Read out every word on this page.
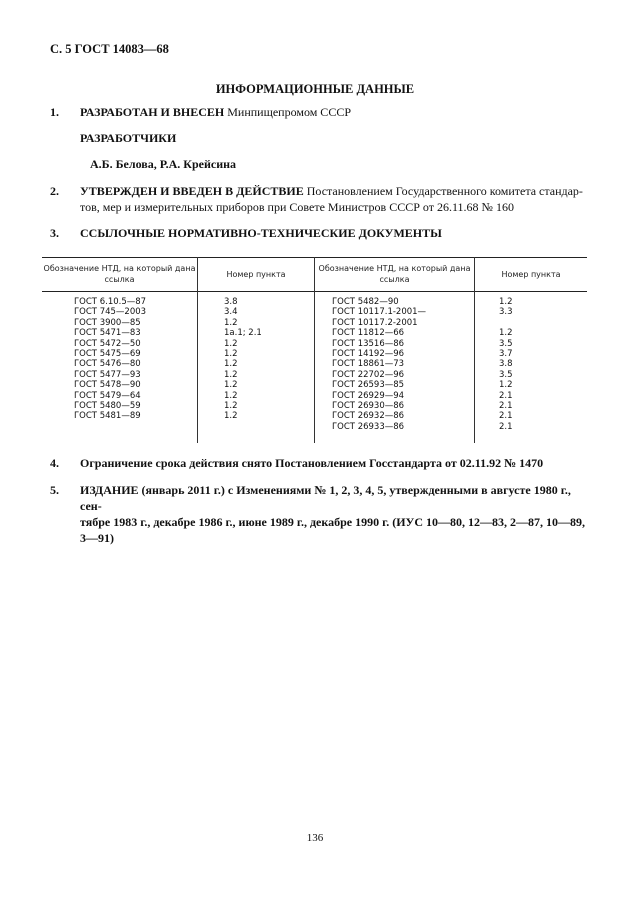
С. 5 ГОСТ 14083—68
ИНФОРМАЦИОННЫЕ ДАННЫЕ
1. РАЗРАБОТАН И ВНЕСЕН Минпищепромом СССР
РАЗРАБОТЧИКИ
А.Б. Белова, Р.А. Крейсина
2. УТВЕРЖДЕН И ВВЕДЕН В ДЕЙСТВИЕ Постановлением Государственного комитета стандар-
тов, мер и измерительных приборов при Совете Министров СССР от 26.11.68 № 160
3. ССЫЛОЧНЫЕ НОРМАТИВНО-ТЕХНИЧЕСКИЕ ДОКУМЕНТЫ
Обозначение НТД, на который дана ссылка
Номер пункта
Обозначение НТД, на который дана ссылка
Номер пункта
ГОСТ 6.10.5—87
ГОСТ 745—2003
ГОСТ 3900—85
ГОСТ 5471—83
ГОСТ 5472—50
ГОСТ 5475—69
ГОСТ 5476—80
ГОСТ 5477—93
ГОСТ 5478—90
ГОСТ 5479—64
ГОСТ 5480—59
ГОСТ 5481—89
3.8
3.4
1.2
1а.1; 2.1
1.2
1.2
1.2
1.2
1.2
1.2
1.2
1.2
ГОСТ 5482—90
ГОСТ 10117.1-2001—
ГОСТ 10117.2-2001
ГОСТ 11812—66
ГОСТ 13516—86
ГОСТ 14192—96
ГОСТ 18861—73
ГОСТ 22702—96
ГОСТ 26593—85
ГОСТ 26929—94
ГОСТ 26930—86
ГОСТ 26932—86
ГОСТ 26933—86
1.2
3.3
1.2
3.5
3.7
3.8
3.5
1.2
2.1
2.1
2.1
2.1
4. Ограничение срока действия снято Постановлением Госстандарта от 02.11.92 № 1470
5. ИЗДАНИЕ (январь 2011 г.) с Изменениями № 1, 2, 3, 4, 5, утвержденными в августе 1980 г., сен-
тябре 1983 г., декабре 1986 г., июне 1989 г., декабре 1990 г. (ИУС 10—80, 12—83, 2—87, 10—89,
3—91)
136
